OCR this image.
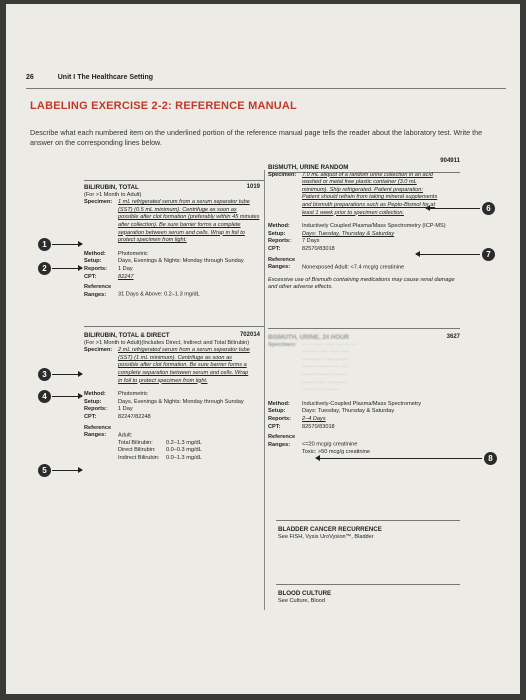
26	Unit I The Healthcare Setting
LABELING EXERCISE 2-2: REFERENCE MANUAL
Describe what each numbered item on the underlined portion of the reference manual page tells the reader about the laboratory test. Write the answer on the corresponding lines below.
1019
BILIRUBIN, TOTAL
(For >1 Month to Adult)
Specimen: 1 mL refrigerated serum from a serum separator tube
(SST) (0.5 mL minimum). Centrifuge as soon as
possible after clot formation (preferably within 45 minutes
after collection). Be sure barrier forms a complete
separation between serum and cells. Wrap in foil to
protect specimen from light.
Method: Photometric
Setup:	Days, Evenings & Nights: Monday through Sunday
Reports: 1 Day
CPT:	82247
Reference Ranges: 31 Days & Above: 0.2–1.3 mg/dL
702014
BILIRUBIN, TOTAL & DIRECT
(For >1 Month to Adult)(Includes Direct, Indirect and Total Bilirubin)
Specimen: 2 mL refrigerated serum from a serum separator tube
(SST) (1 mL minimum). Centrifuge as soon as
possible after clot formation. Be sure barrier forms a
complete separation between serum and cells. Wrap
in foil to protect specimen from light.
Method: Photometric
Setup:	Days, Evenings & Nights: Monday through Sunday
Reports: 1 Day
CPT:	82247/82248
Reference Ranges: Adult:
Total Bilirubin: 0.2–1.3 mg/dL
Direct Bilirubin: 0.0–0.3 mg/dL
Indirect Bilirubin: 0.0–1.3 mg/dL
904911
BISMUTH, URINE RANDOM
Specimen: 7.0 mL aliquot of a random urine collection in an acid
washed or metal free plastic container (3.0 mL
minimum). Ship refrigerated. Patient preparation:
Patient should refrain from taking mineral supplements
and bismuth preparations such as Pepto-Bismol for at
least 1 week prior to specimen collection.
Method: Inductively Coupled Plasma/Mass Spectrometry (ICP-MS)
Setup:	Days: Tuesday, Thursday & Saturday
Reports: 7 Days
CPT:	82570/83018
Reference Ranges: Nonexposed Adult: <7.4 mcg/g creatinine
Excessive use of Bismuth containing medications may cause renal damage and other adverse effects.
3627
BISMUTH, URINE, 24 HOUR
Specimen: ··· ·· ····· ····· ···· ·· ····
········· ···· ····· ·····
····· ······ ····· ·······
······ ········ ···· ····
········ ······ ········
······ ······ ···· ······
····· ····· ········
Method: Inductively-Coupled Plasma/Mass Spectrometry
Setup:	Days: Tuesday, Thursday & Saturday
Reports: 2–4 Days
CPT:	82570/83018
Reference Ranges: <=20 mcg/g creatinine
Toxic: >50 mcg/g creatinine
BLADDER CANCER RECURRENCE
See FISH, Vysis UroVysion™, Bladder
BLOOD CULTURE
See Culture, Blood
1
2
3
4
5
6
7
8
